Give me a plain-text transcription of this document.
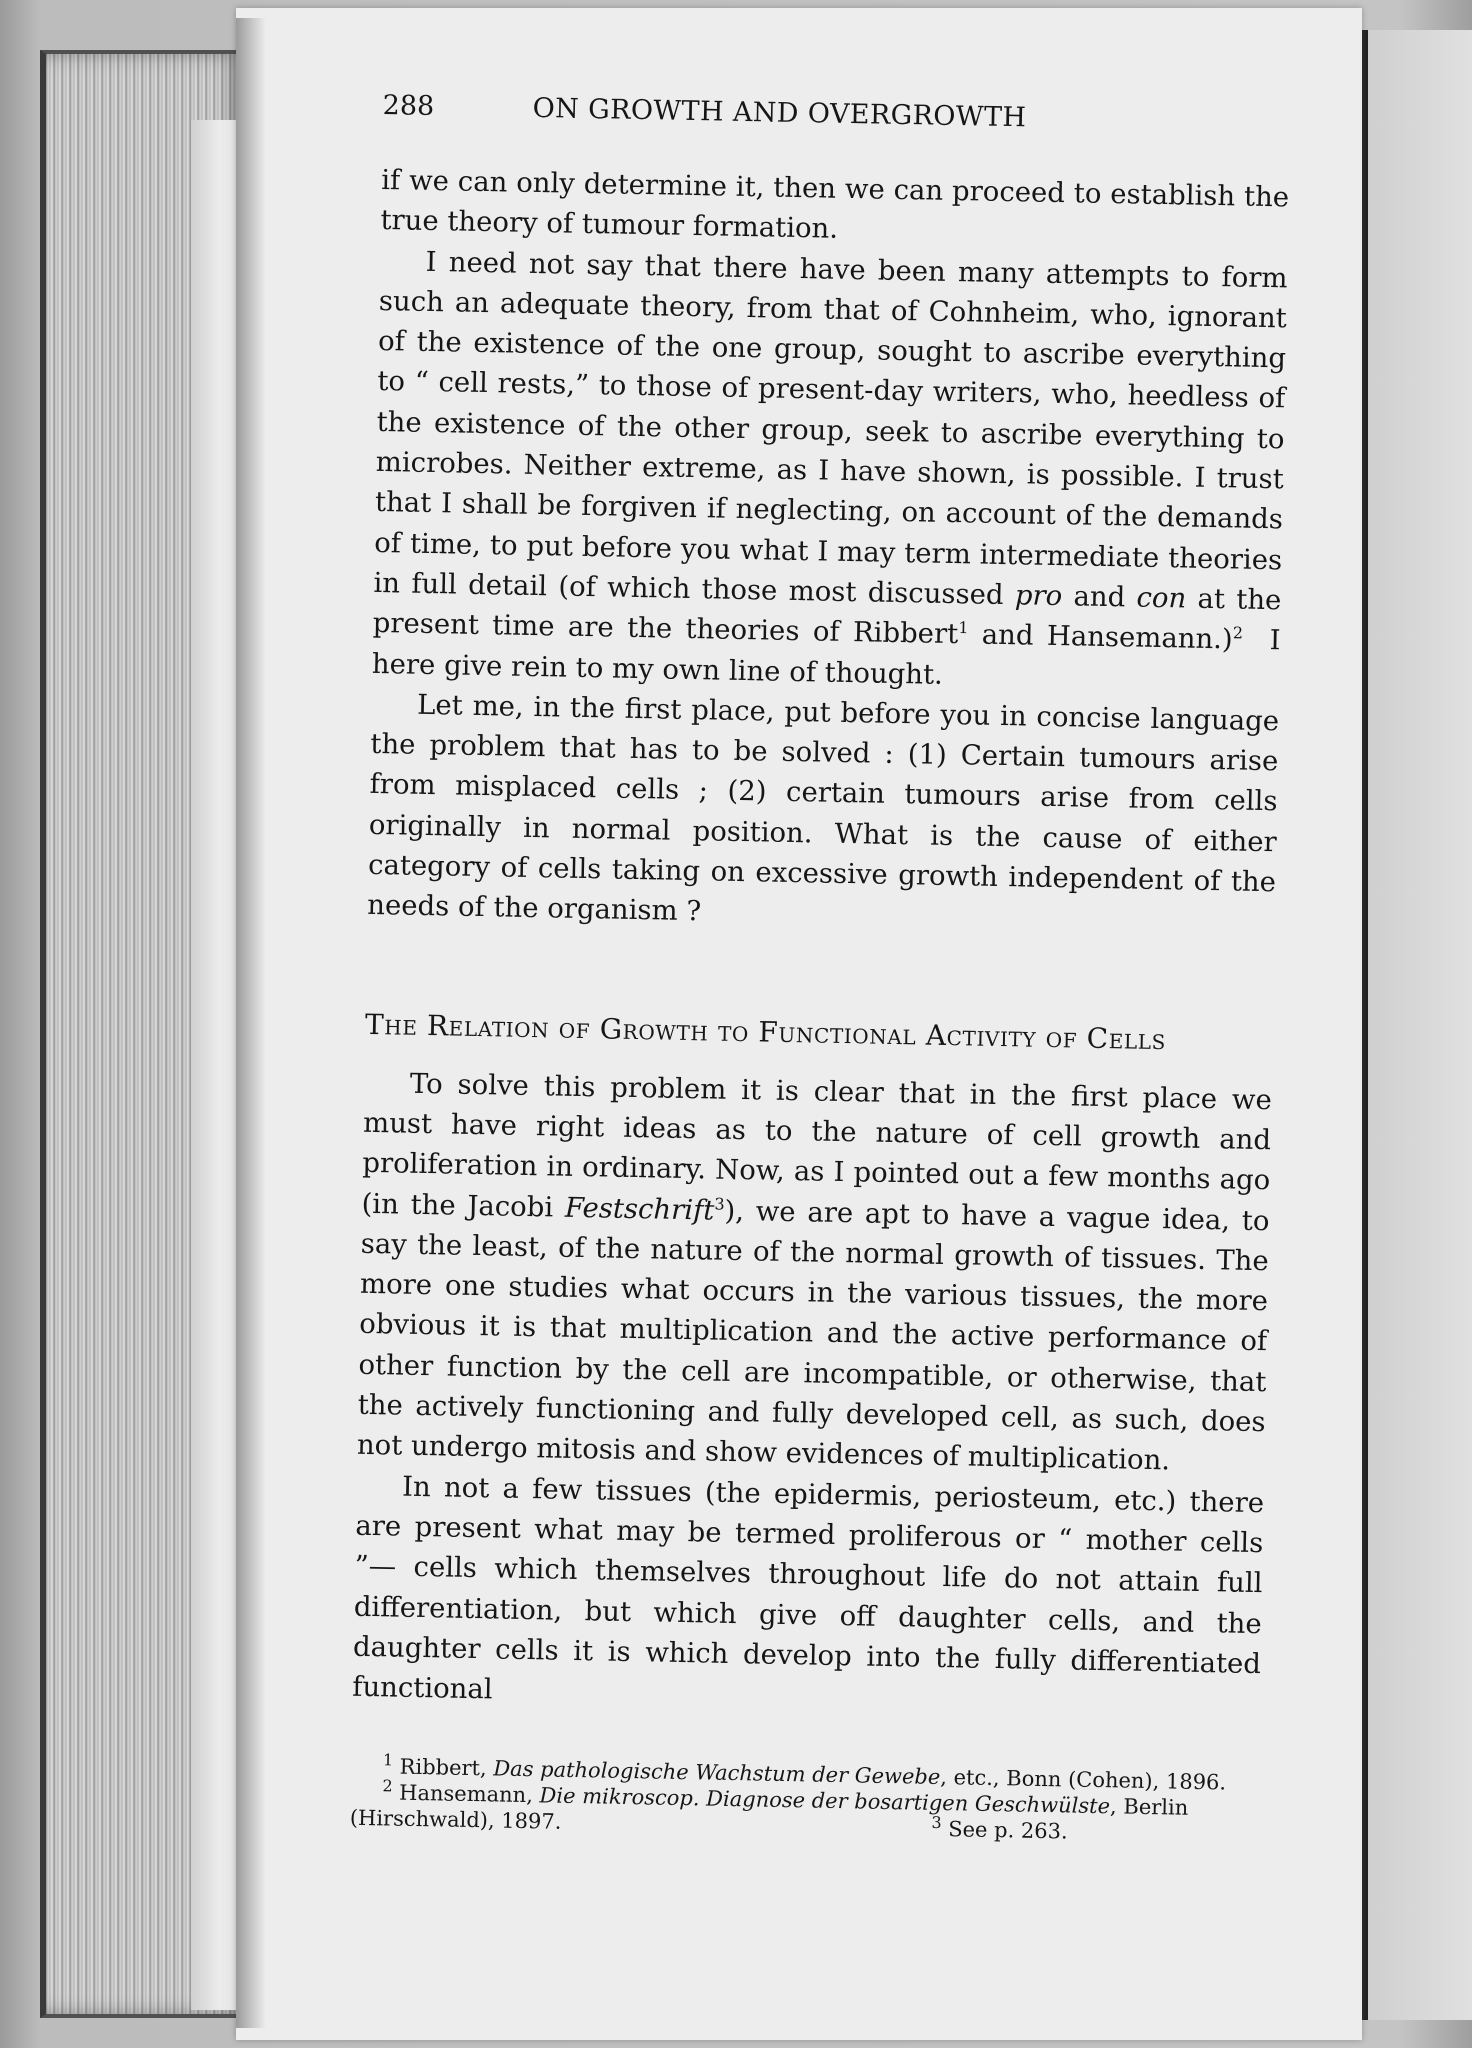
288	ON GROWTH AND OVERGROWTH

if we can only determine it, then we can proceed to establish the true theory of tumour formation.

I need not say that there have been many attempts to form such an adequate theory, from that of Cohnheim, who, ignorant of the existence of the one group, sought to ascribe everything to “ cell rests,” to those of present-day writers, who, heedless of the existence of the other group, seek to ascribe everything to microbes. Neither extreme, as I have shown, is possible. I trust that I shall be forgiven if neglecting, on account of the demands of time, to put before you what I may term intermediate theories in full detail (of which those most discussed pro and con at the present time are the theories of Ribbert$^1$ and Hansemann.)$^2$  I here give rein to my own line of thought.

Let me, in the first place, put before you in concise language the problem that has to be solved : (1) Certain tumours arise from misplaced cells ; (2) certain tumours arise from cells originally in normal position. What is the cause of either category of cells taking on excessive growth independent of the needs of the organism ?

The Relation of Growth to Functional Activity of Cells

To solve this problem it is clear that in the first place we must have right ideas as to the nature of cell growth and proliferation in ordinary. Now, as I pointed out a few months ago (in the Jacobi Festschrift$^3$), we are apt to have a vague idea, to say the least, of the nature of the normal growth of tissues. The more one studies what occurs in the various tissues, the more obvious it is that multiplication and the active performance of other function by the cell are incompatible, or otherwise, that the actively functioning and fully developed cell, as such, does not undergo mitosis and show evidences of multiplication.

In not a few tissues (the epidermis, periosteum, etc.) there are present what may be termed proliferous or “ mother cells ”— cells which themselves throughout life do not attain full differentiation, but which give off daughter cells, and the daughter cells it is which develop into the fully differentiated functional

$^1$ Ribbert, Das pathologische Wachstum der Gewebe, etc., Bonn (Cohen), 1896.

$^2$ Hansemann, Die mikroscop. Diagnose der bosartigen Geschwülste, Berlin

(Hirschwald), 1897.	$^3$ See p. 263.
